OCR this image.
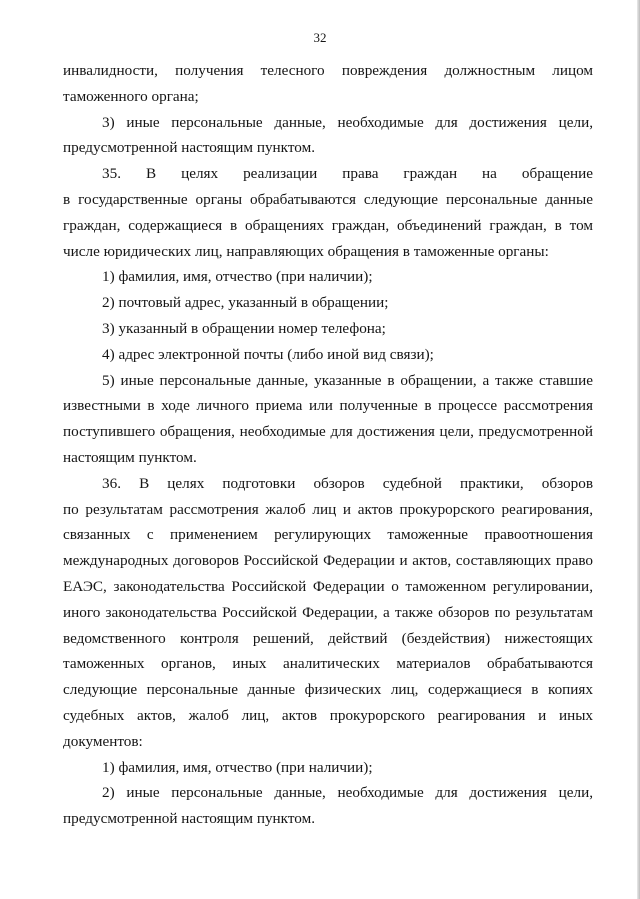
32

инвалидности, получения телесного повреждения должностным лицом

таможенного органа;

3) иные персональные данные, необходимые для достижения цели,

предусмотренной настоящим пунктом.

35. В целях реализации права граждан на обращение

в государственные органы обрабатываются следующие персональные данные

граждан, содержащиеся в обращениях граждан, объединений граждан, в том

числе юридических лиц, направляющих обращения в таможенные органы:

1) фамилия, имя, отчество (при наличии);

2) почтовый адрес, указанный в обращении;

3) указанный в обращении номер телефона;

4) адрес электронной почты (либо иной вид связи);

5) иные персональные данные, указанные в обращении, а также ставшие

известными в ходе личного приема или полученные в процессе рассмотрения

поступившего обращения, необходимые для достижения цели, предусмотренной

настоящим пунктом.

36. В целях подготовки обзоров судебной практики, обзоров

по результатам рассмотрения жалоб лиц и актов прокурорского реагирования,

связанных с применением регулирующих таможенные правоотношения

международных договоров Российской Федерации и актов, составляющих право

ЕАЭС, законодательства Российской Федерации о таможенном регулировании,

иного законодательства Российской Федерации, а также обзоров по результатам

ведомственного контроля решений, действий (бездействия) нижестоящих

таможенных органов, иных аналитических материалов обрабатываются

следующие персональные данные физических лиц, содержащиеся в копиях

судебных актов, жалоб лиц, актов прокурорского реагирования и иных

документов:

1) фамилия, имя, отчество (при наличии);

2) иные персональные данные, необходимые для достижения цели,

предусмотренной настоящим пунктом.
